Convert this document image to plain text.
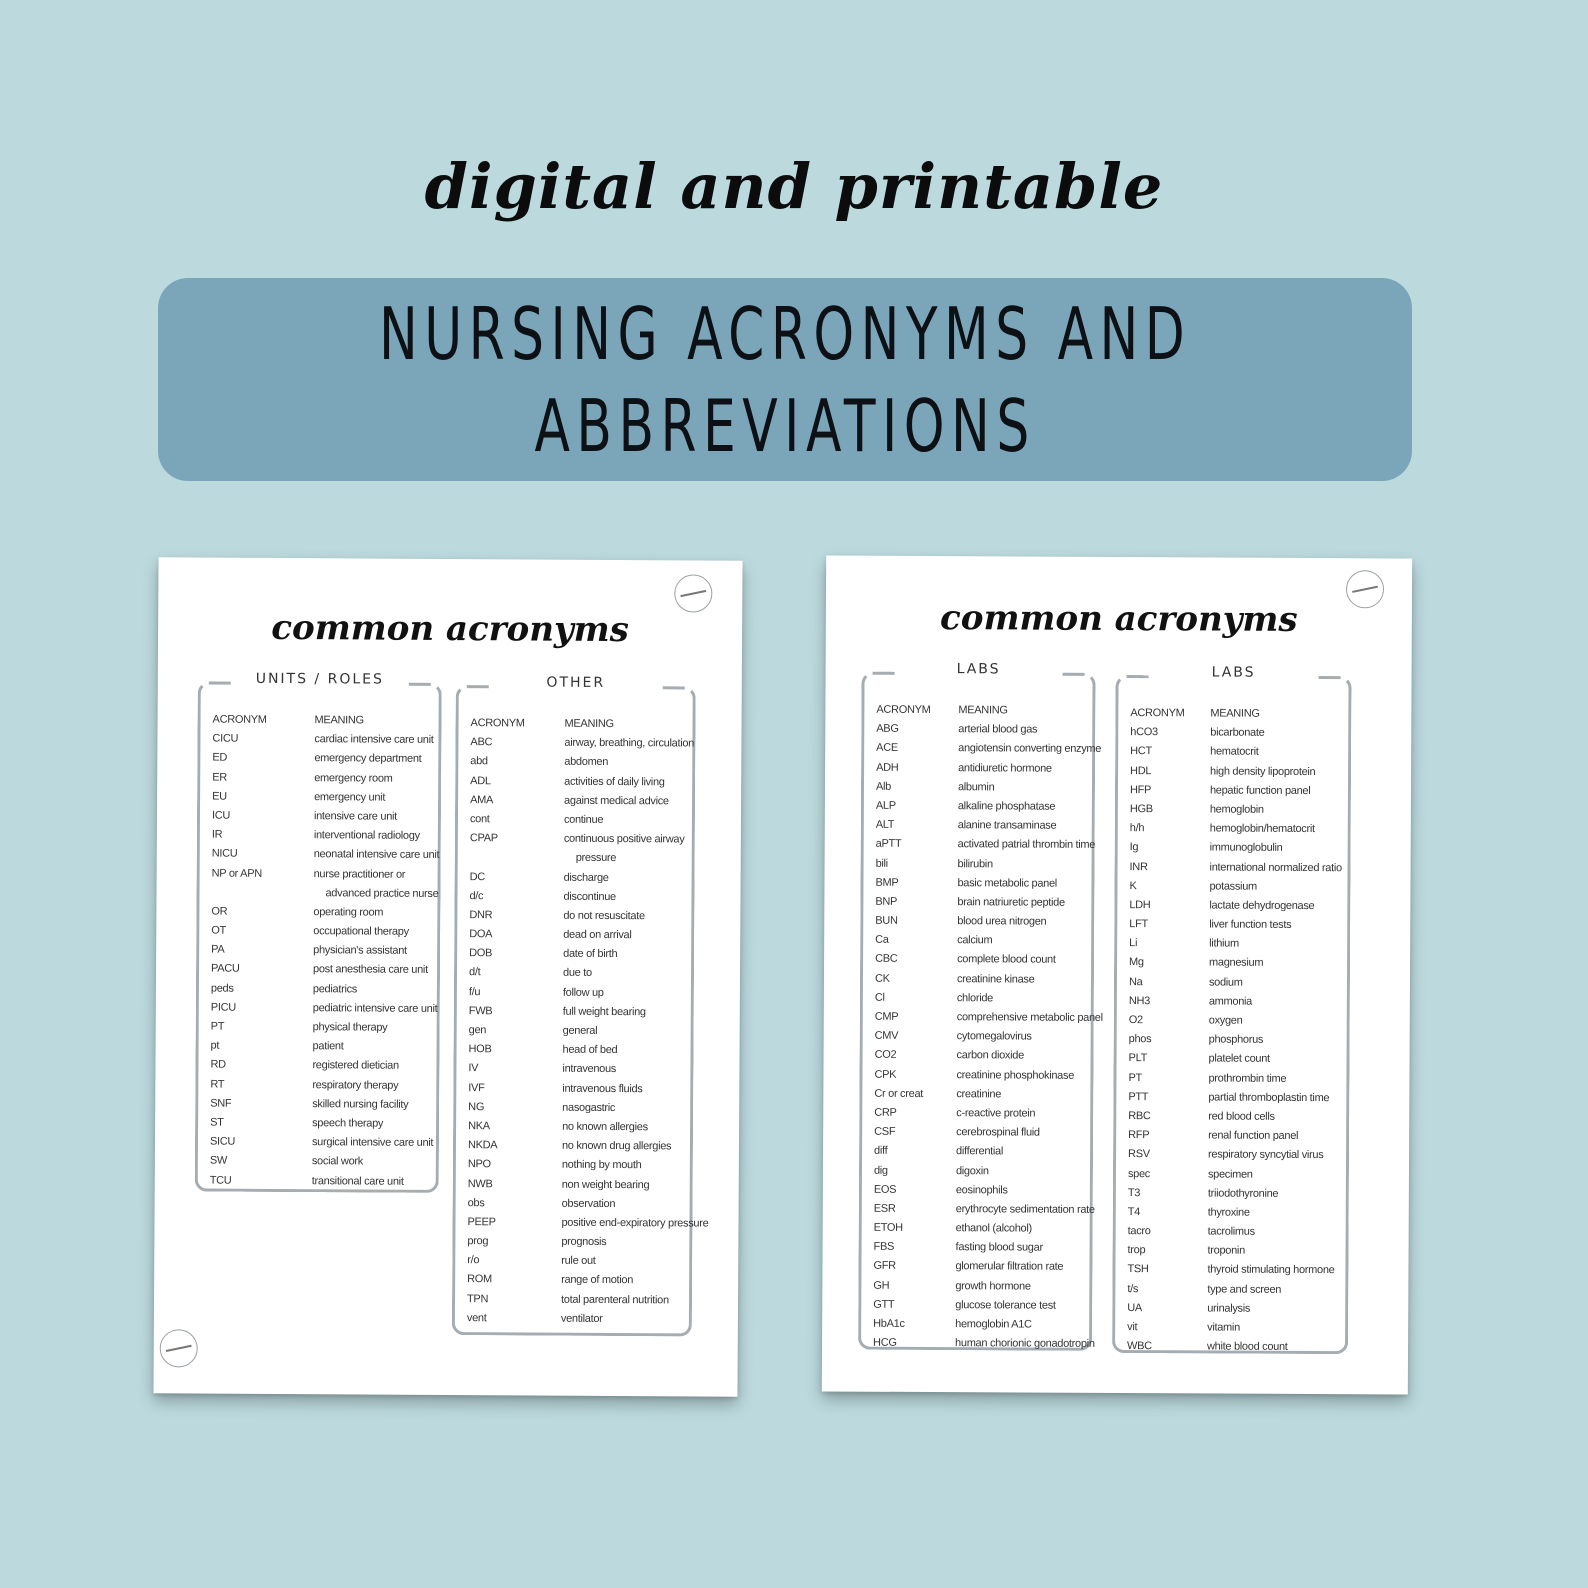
digital and printable
NURSING ACRONYMS AND
ABBREVIATIONS
common acronyms
UNITS / ROLES
ACRONYM	MEANING
CICU	cardiac intensive care unit
ED	emergency department
ER	emergency room
EU	emergency unit
ICU	intensive care unit
IR	interventional radiology
NICU	neonatal intensive care unit
NP or APN	nurse practitioner or
advanced practice nurse
OR	operating room
OT	occupational therapy
PA	physician's assistant
PACU	post anesthesia care unit
peds	pediatrics
PICU	pediatric intensive care unit
PT	physical therapy
pt	patient
RD	registered dietician
RT	respiratory therapy
SNF	skilled nursing facility
ST	speech therapy
SICU	surgical intensive care unit
SW	social work
TCU	transitional care unit
OTHER
ACRONYM	MEANING
ABC	airway, breathing, circulation
abd	abdomen
ADL	activities of daily living
AMA	against medical advice
cont	continue
CPAP	continuous positive airway
pressure
DC	discharge
d/c	discontinue
DNR	do not resuscitate
DOA	dead on arrival
DOB	date of birth
d/t	due to
f/u	follow up
FWB	full weight bearing
gen	general
HOB	head of bed
IV	intravenous
IVF	intravenous fluids
NG	nasogastric
NKA	no known allergies
NKDA	no known drug allergies
NPO	nothing by mouth
NWB	non weight bearing
obs	observation
PEEP	positive end-expiratory pressure
prog	prognosis
r/o	rule out
ROM	range of motion
TPN	total parenteral nutrition
vent	ventilator
common acronyms
LABS
ACRONYM	MEANING
ABG	arterial blood gas
ACE	angiotensin converting enzyme
ADH	antidiuretic hormone
Alb	albumin
ALP	alkaline phosphatase
ALT	alanine transaminase
aPTT	activated patrial thrombin time
bili	bilirubin
BMP	basic metabolic panel
BNP	brain natriuretic peptide
BUN	blood urea nitrogen
Ca	calcium
CBC	complete blood count
CK	creatinine kinase
Cl	chloride
CMP	comprehensive metabolic panel
CMV	cytomegalovirus
CO2	carbon dioxide
CPK	creatinine phosphokinase
Cr or creat	creatinine
CRP	c-reactive protein
CSF	cerebrospinal fluid
diff	differential
dig	digoxin
EOS	eosinophils
ESR	erythrocyte sedimentation rate
ETOH	ethanol (alcohol)
FBS	fasting blood sugar
GFR	glomerular filtration rate
GH	growth hormone
GTT	glucose tolerance test
HbA1c	hemoglobin A1C
HCG	human chorionic gonadotropin
LABS
ACRONYM	MEANING
hCO3	bicarbonate
HCT	hematocrit
HDL	high density lipoprotein
HFP	hepatic function panel
HGB	hemoglobin
h/h	hemoglobin/hematocrit
Ig	immunoglobulin
INR	international normalized ratio
K	potassium
LDH	lactate dehydrogenase
LFT	liver function tests
Li	lithium
Mg	magnesium
Na	sodium
NH3	ammonia
O2	oxygen
phos	phosphorus
PLT	platelet count
PT	prothrombin time
PTT	partial thromboplastin time
RBC	red blood cells
RFP	renal function panel
RSV	respiratory syncytial virus
spec	specimen
T3	triiodothyronine
T4	thyroxine
tacro	tacrolimus
trop	troponin
TSH	thyroid stimulating hormone
t/s	type and screen
UA	urinalysis
vit	vitamin
WBC	white blood count
